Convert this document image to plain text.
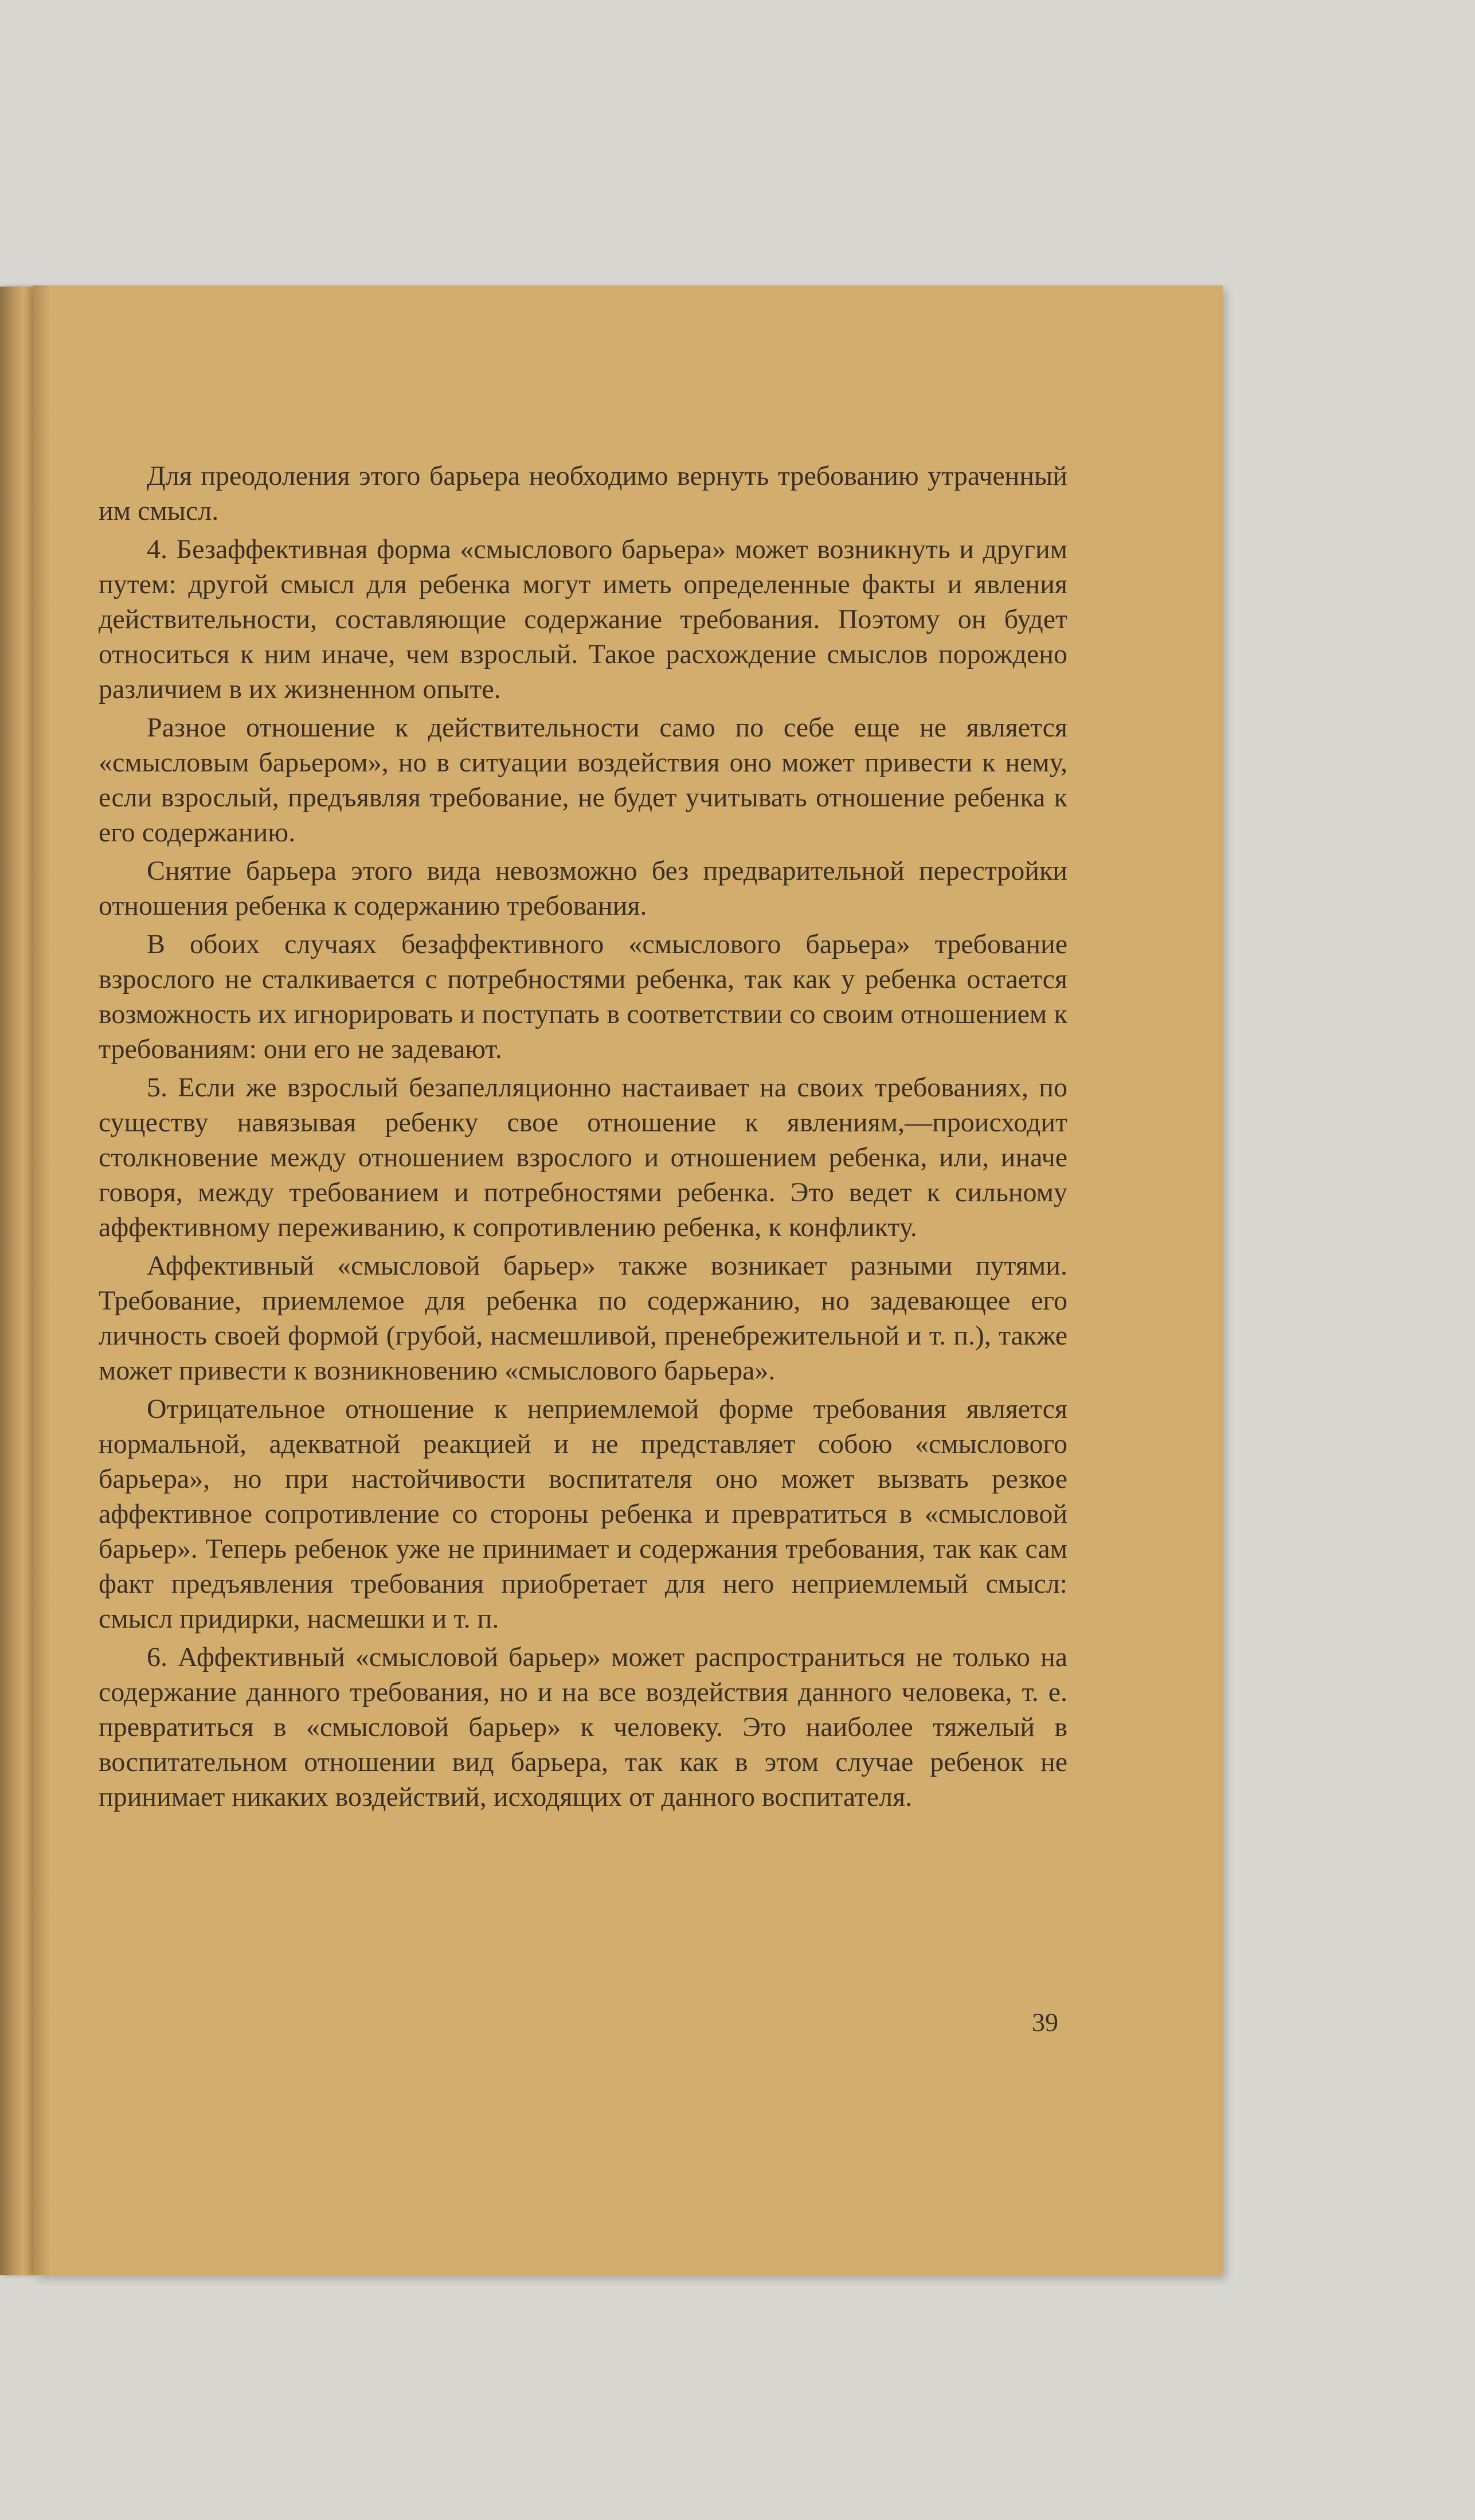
Для преодоления этого барьера необходимо вернуть требованию утраченный им смысл.

4. Безаффективная форма «смыслового барьера» может возникнуть и другим путем: другой смысл для ребенка могут иметь определенные факты и явления действительности, составляющие содержание требования. Поэтому он будет относиться к ним иначе, чем взрослый. Такое расхождение смыслов порождено различием в их жизненном опыте.

Разное отношение к действительности само по себе еще не является «смысловым барьером», но в ситуации воздействия оно может привести к нему, если взрослый, предъявляя требование, не будет учитывать отношение ребенка к его содержанию.

Снятие барьера этого вида невозможно без предварительной перестройки отношения ребенка к содержанию требования.

В обоих случаях безаффективного «смыслового барьера» требование взрослого не сталкивается с потребностями ребенка, так как у ребенка остается возможность их игнорировать и поступать в соответствии со своим отношением к требованиям: они его не задевают.

5. Если же взрослый безапелляционно настаивает на своих требованиях, по существу навязывая ребенку свое отношение к явлениям,—происходит столкновение между отношением взрослого и отношением ребенка, или, иначе говоря, между требованием и потребностями ребенка. Это ведет к сильному аффективному переживанию, к сопротивлению ребенка, к конфликту.

Аффективный «смысловой барьер» также возникает разными путями. Требование, приемлемое для ребенка по содержанию, но задевающее его личность своей формой (грубой, насмешливой, пренебрежительной и т. п.), также может привести к возникновению «смыслового барьера».

Отрицательное отношение к неприемлемой форме требования является нормальной, адекватной реакцией и не представляет собою «смыслового барьера», но при настойчивости воспитателя оно может вызвать резкое аффективное сопротивление со стороны ребенка и превратиться в «смысловой барьер». Теперь ребенок уже не принимает и содержания требования, так как сам факт предъявления требования приобретает для него неприемлемый смысл: смысл придирки, насмешки и т. п.

6. Аффективный «смысловой барьер» может распространиться не только на содержание данного требования, но и на все воздействия данного человека, т. е. превратиться в «смысловой барьер» к человеку. Это наиболее тяжелый в воспитательном отношении вид барьера, так как в этом случае ребенок не принимает никаких воздействий, исходящих от данного воспитателя.

39
